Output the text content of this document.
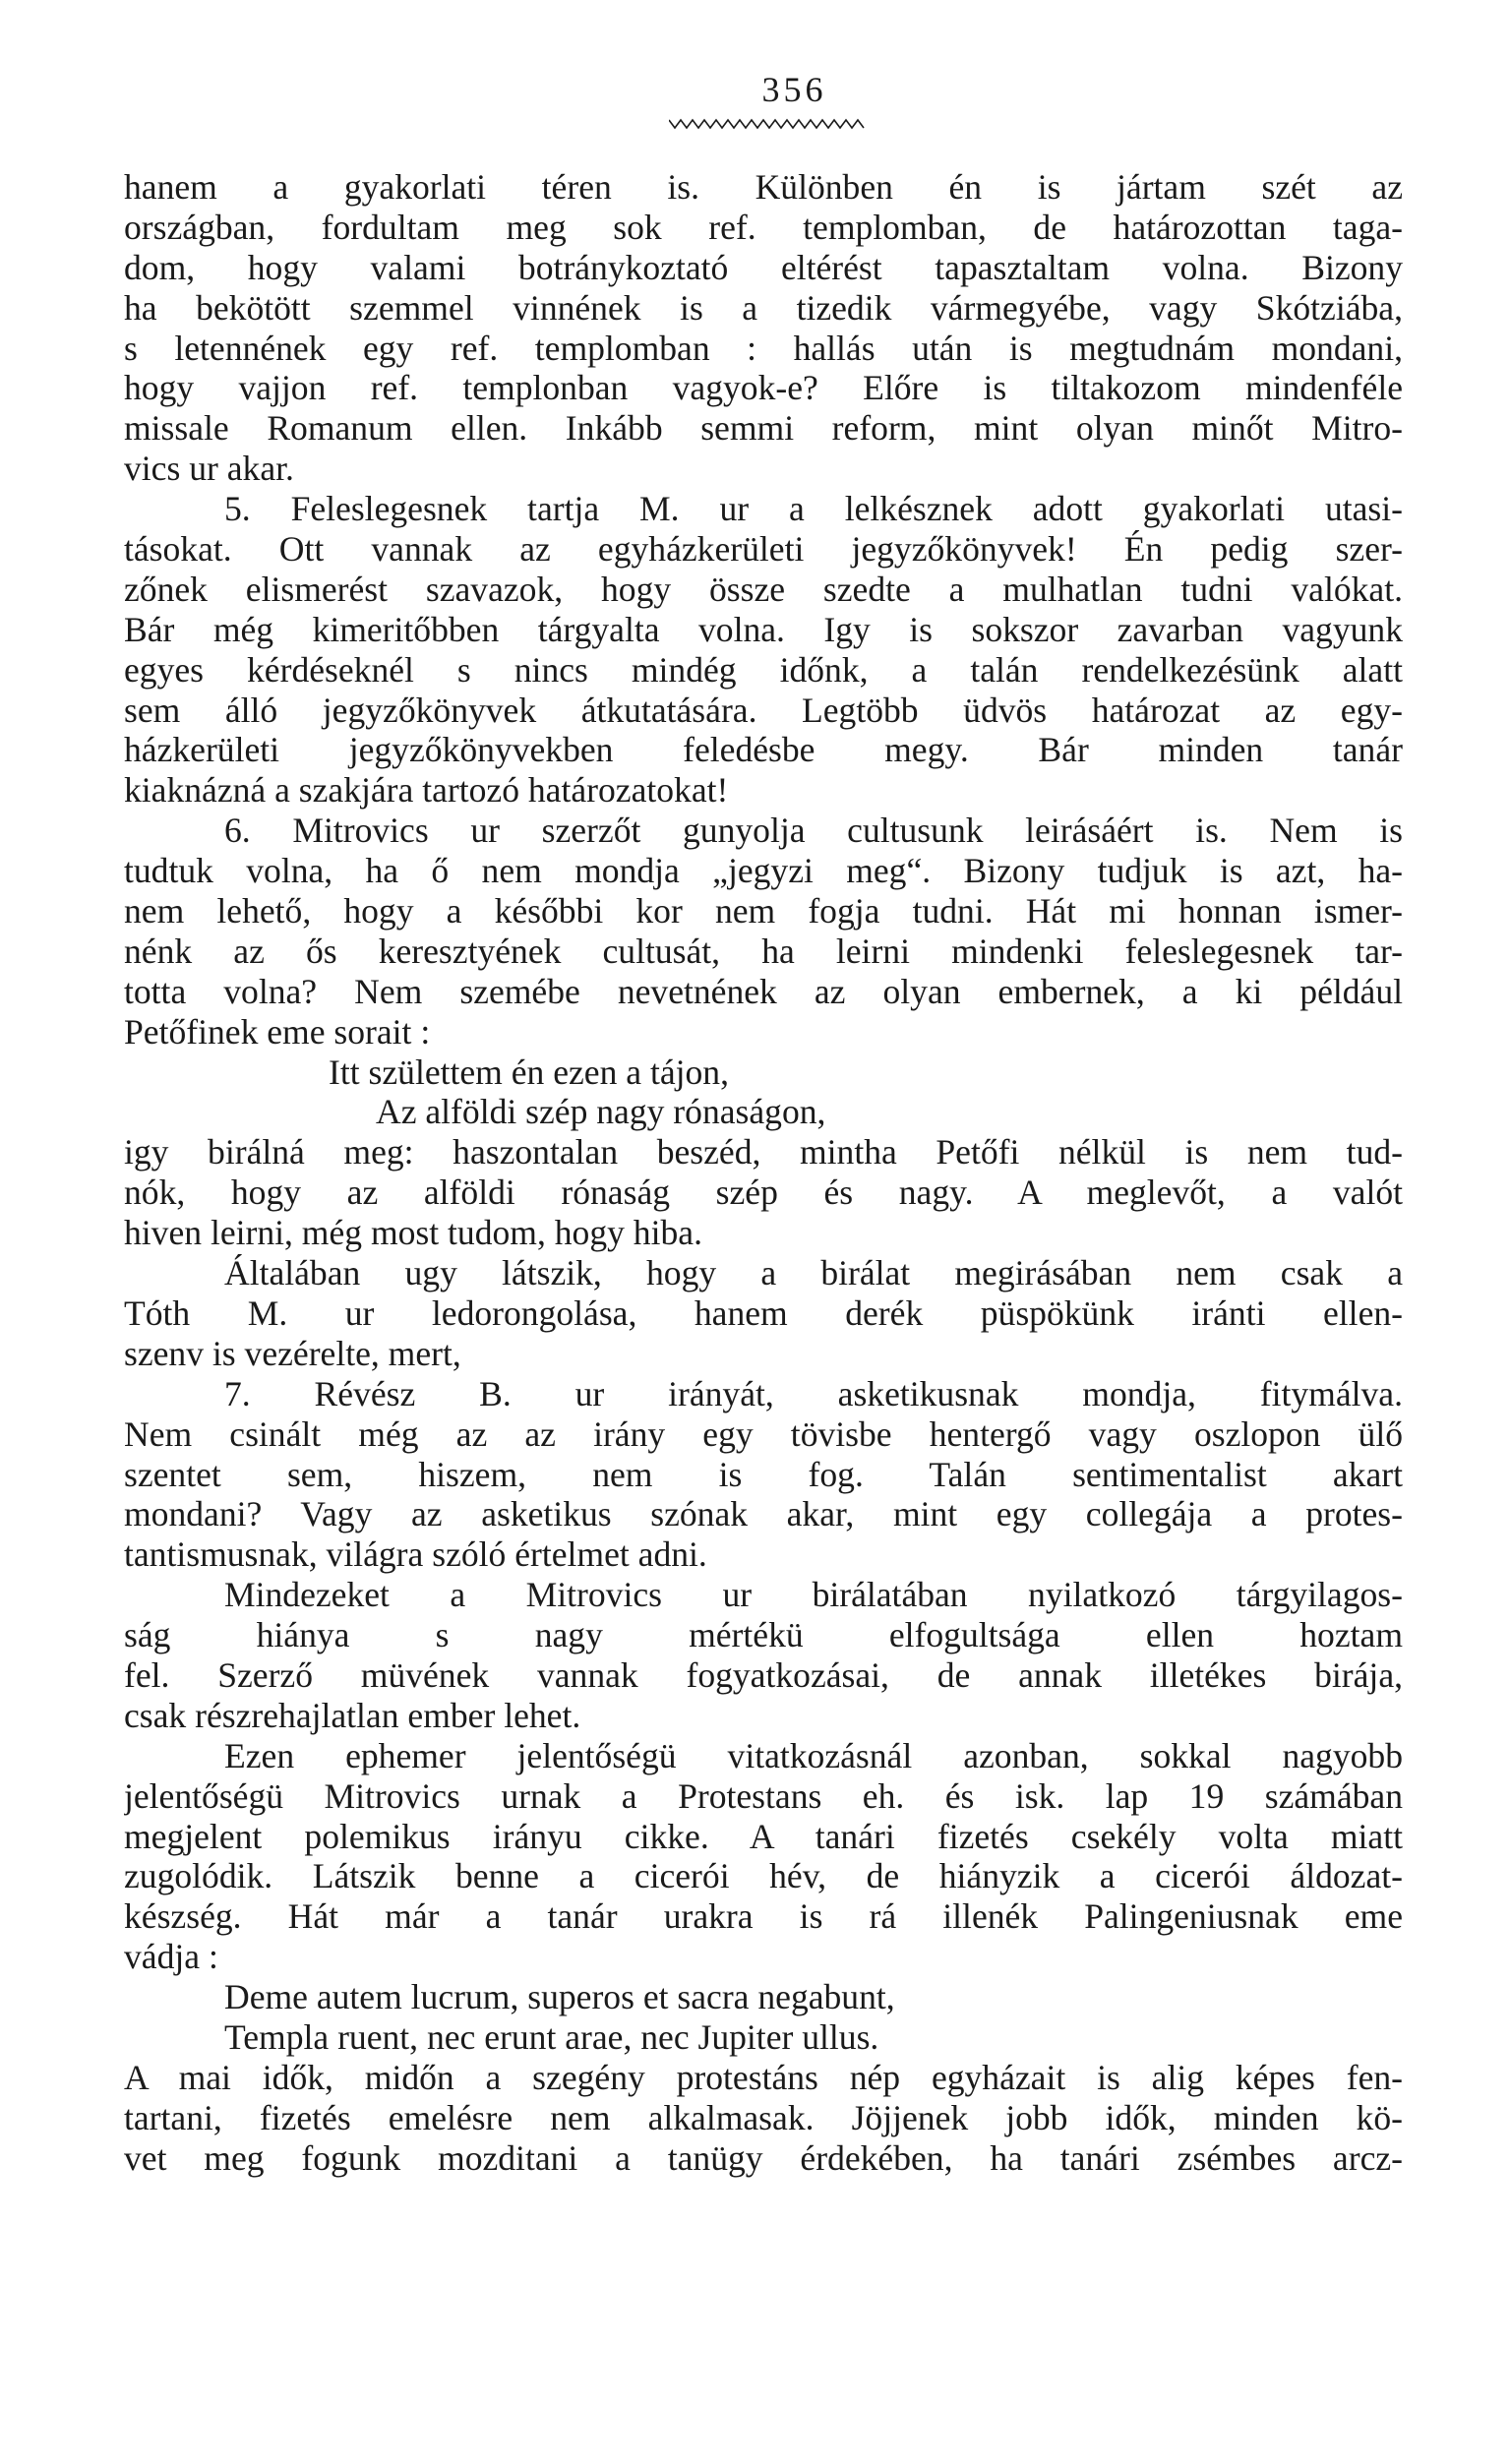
356
hanem a gyakorlati téren is. Különben én is jártam szét az
országban, fordultam meg sok ref. templomban, de határozottan taga-
dom, hogy valami botránykoztató eltérést tapasztaltam volna. Bizony
ha bekötött szemmel vinnének is a tizedik vármegyébe, vagy Skótziába,
s letennének egy ref. templomban : hallás után is megtudnám mondani,
hogy vajjon ref. templonban vagyok-e? Előre is tiltakozom mindenféle
missale Romanum ellen. Inkább semmi reform, mint olyan minőt Mitro-
vics ur akar.
5. Feleslegesnek tartja M. ur a lelkésznek adott gyakorlati utasi-
tásokat. Ott vannak az egyházkerületi jegyzőkönyvek! Én pedig szer-
zőnek elismerést szavazok, hogy össze szedte a mulhatlan tudni valókat.
Bár még kimeritőbben tárgyalta volna. Igy is sokszor zavarban vagyunk
egyes kérdéseknél s nincs mindég időnk, a talán rendelkezésünk alatt
sem álló jegyzőkönyvek átkutatására. Legtöbb üdvös határozat az egy-
házkerületi jegyzőkönyvekben feledésbe megy. Bár minden tanár
kiaknázná a szakjára tartozó határozatokat!
6. Mitrovics ur szerzőt gunyolja cultusunk leirásáért is. Nem is
tudtuk volna, ha ő nem mondja „jegyzi meg“. Bizony tudjuk is azt, ha-
nem lehető, hogy a későbbi kor nem fogja tudni. Hát mi honnan ismer-
nénk az ős keresztyének cultusát, ha leirni mindenki feleslegesnek tar-
totta volna? Nem szemébe nevetnének az olyan embernek, a ki például
Petőfinek eme sorait :
Itt születtem én ezen a tájon,
Az alföldi szép nagy rónaságon,
igy birálná meg: haszontalan beszéd, mintha Petőfi nélkül is nem tud-
nók, hogy az alföldi rónaság szép és nagy. A meglevőt, a valót
hiven leirni, még most tudom, hogy hiba.
Általában ugy látszik, hogy a birálat megirásában nem csak a
Tóth M. ur ledorongolása, hanem derék püspökünk iránti ellen-
szenv is vezérelte, mert,
7. Révész B. ur irányát, asketikusnak mondja, fitymálva.
Nem csinált még az az irány egy tövisbe hentergő vagy oszlopon ülő
szentet sem, hiszem, nem is fog. Talán sentimentalist akart
mondani? Vagy az asketikus szónak akar, mint egy collegája a protes-
tantismusnak, világra szóló értelmet adni.
Mindezeket a Mitrovics ur birálatában nyilatkozó tárgyilagos-
ság hiánya s nagy mértékü elfogultsága ellen hoztam
fel. Szerző müvének vannak fogyatkozásai, de annak illetékes birája,
csak részrehajlatlan ember lehet.
Ezen ephemer jelentőségü vitatkozásnál azonban, sokkal nagyobb
jelentőségü Mitrovics urnak a Protestans eh. és isk. lap 19 számában
megjelent polemikus irányu cikke. A tanári fizetés csekély volta miatt
zugolódik. Látszik benne a cicerói hév, de hiányzik a cicerói áldozat-
készség. Hát már a tanár urakra is rá illenék Palingeniusnak eme
vádja :
Deme autem lucrum, superos et sacra negabunt,
Templa ruent, nec erunt arae, nec Jupiter ullus.
A mai idők, midőn a szegény protestáns nép egyházait is alig képes fen-
tartani, fizetés emelésre nem alkalmasak. Jöjjenek jobb idők, minden kö-
vet meg fogunk mozditani a tanügy érdekében, ha tanári zsémbes arcz-
